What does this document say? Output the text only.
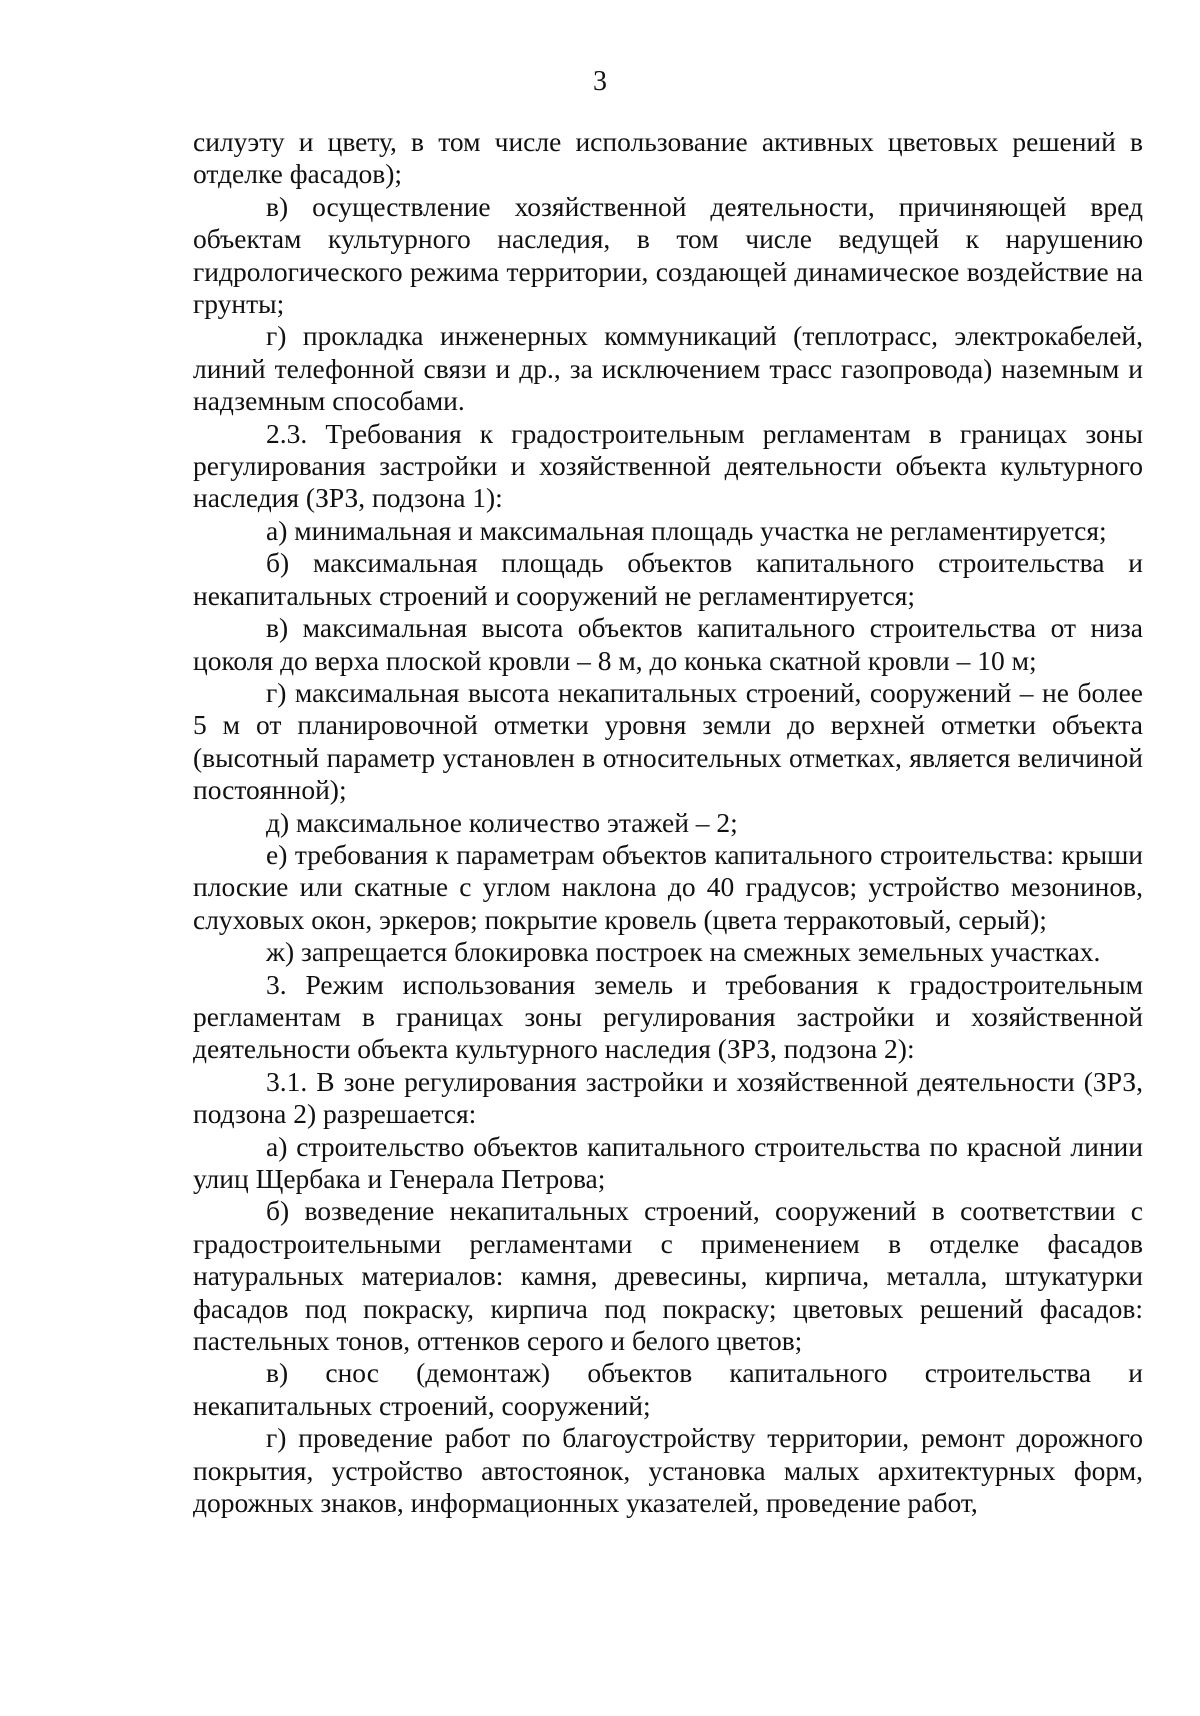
3

силуэту и цвету, в том числе использование активных цветовых решений в отделке фасадов);

в) осуществление хозяйственной деятельности, причиняющей вред объектам культурного наследия, в том числе ведущей к нарушению гидрологического режима территории, создающей динамическое воздействие на грунты;

г) прокладка инженерных коммуникаций (теплотрасс, электрокабелей, линий телефонной связи и др., за исключением трасс газопровода) наземным и надземным способами.

2.3. Требования к градостроительным регламентам в границах зоны регулирования застройки и хозяйственной деятельности объекта культурного наследия (ЗРЗ, подзона 1):

а) минимальная и максимальная площадь участка не регламентируется;

б) максимальная площадь объектов капитального строительства и некапитальных строений и сооружений не регламентируется;

в) максимальная высота объектов капитального строительства от низа цоколя до верха плоской кровли – 8 м, до конька скатной кровли – 10 м;

г) максимальная высота некапитальных строений, сооружений – не более 5 м от планировочной отметки уровня земли до верхней отметки объекта (высотный параметр установлен в относительных отметках, является величиной постоянной);

д) максимальное количество этажей – 2;

е) требования к параметрам объектов капитального строительства: крыши плоские или скатные с углом наклона до 40 градусов; устройство мезонинов, слуховых окон, эркеров; покрытие кровель (цвета терракотовый, серый);

ж) запрещается блокировка построек на смежных земельных участках.

3. Режим использования земель и требования к градостроительным регламентам в границах зоны регулирования застройки и хозяйственной деятельности объекта культурного наследия (ЗРЗ, подзона 2):

3.1. В зоне регулирования застройки и хозяйственной деятельности (ЗРЗ, подзона 2) разрешается:

а) строительство объектов капитального строительства по красной линии улиц Щербака и Генерала Петрова;

б) возведение некапитальных строений, сооружений в соответствии с градостроительными регламентами с применением в отделке фасадов натуральных материалов: камня, древесины, кирпича, металла, штукатурки фасадов под покраску, кирпича под покраску; цветовых решений фасадов: пастельных тонов, оттенков серого и белого цветов;

в) снос (демонтаж) объектов капитального строительства и некапитальных строений, сооружений;

г) проведение работ по благоустройству территории, ремонт дорожного покрытия, устройство автостоянок, установка малых архитектурных форм, дорожных знаков, информационных указателей, проведение работ,
